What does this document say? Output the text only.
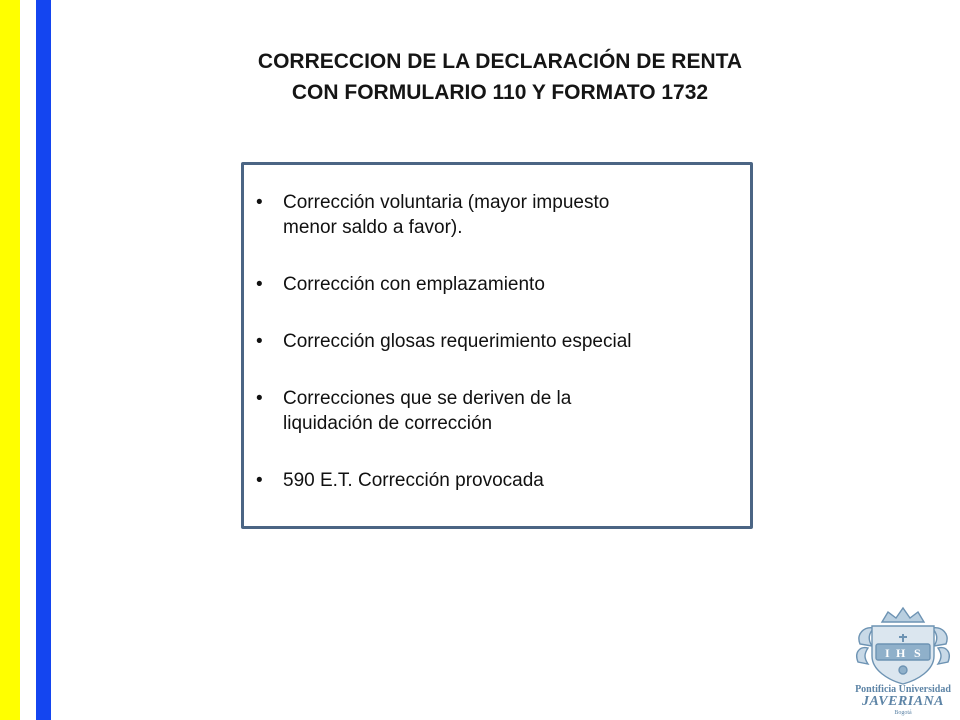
CORRECCION DE LA DECLARACIÓN DE RENTA
CON FORMULARIO 110 Y FORMATO 1732
• Corrección voluntaria (mayor impuesto
menor saldo a favor).
• Corrección con emplazamiento
• Corrección glosas requerimiento especial
• Correcciones que se deriven de la
liquidación de corrección
• 590 E.T. Corrección provocada
I H S
Pontificia Universidad
JAVERIANA
Bogotá
